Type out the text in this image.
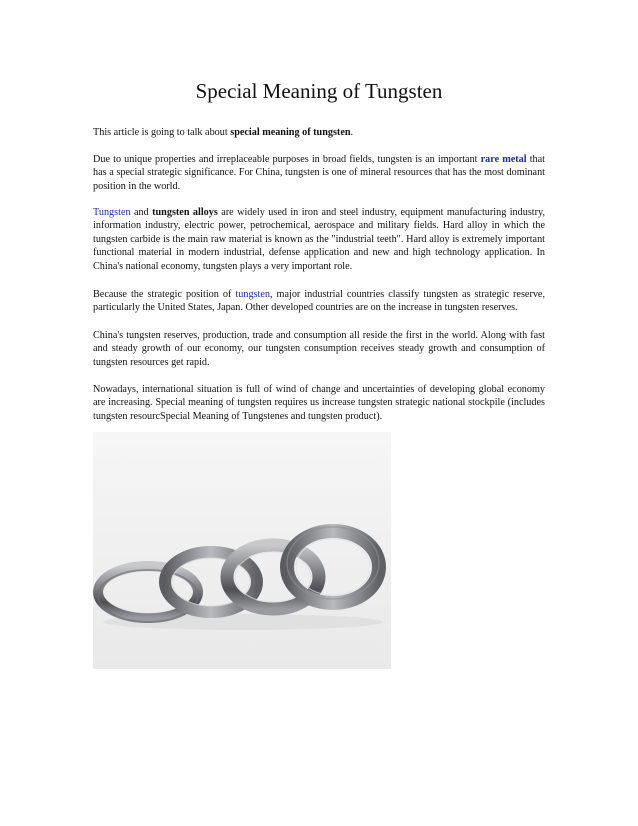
Special Meaning of Tungsten

This article is going to talk about special meaning of tungsten.

Due to unique properties and irreplaceable purposes in broad fields, tungsten is an important rare metal that has a special strategic significance. For China, tungsten is one of mineral resources that has the most dominant position in the world.

Tungsten and tungsten alloys are widely used in iron and steel industry, equipment manufacturing industry, information industry, electric power, petrochemical, aerospace and military fields. Hard alloy in which the tungsten carbide is the main raw material is known as the "industrial teeth". Hard alloy is extremely important functional material in modern industrial, defense application and new and high technology application. In China's national economy, tungsten plays a very important role.

Because the strategic position of tungsten, major industrial countries classify tungsten as strategic reserve, particularly the United States, Japan. Other developed countries are on the increase in tungsten reserves.

China's tungsten reserves, production, trade and consumption all reside the first in the world. Along with fast and steady growth of our economy, our tungsten consumption receives steady growth and consumption of tungsten resources get rapid.

Nowadays, international situation is full of wind of change and uncertainties of developing global economy are increasing. Special meaning of tungsten requires us increase tungsten strategic national stockpile (includes tungsten resourcSpecial Meaning of Tungstenes and tungsten product).
